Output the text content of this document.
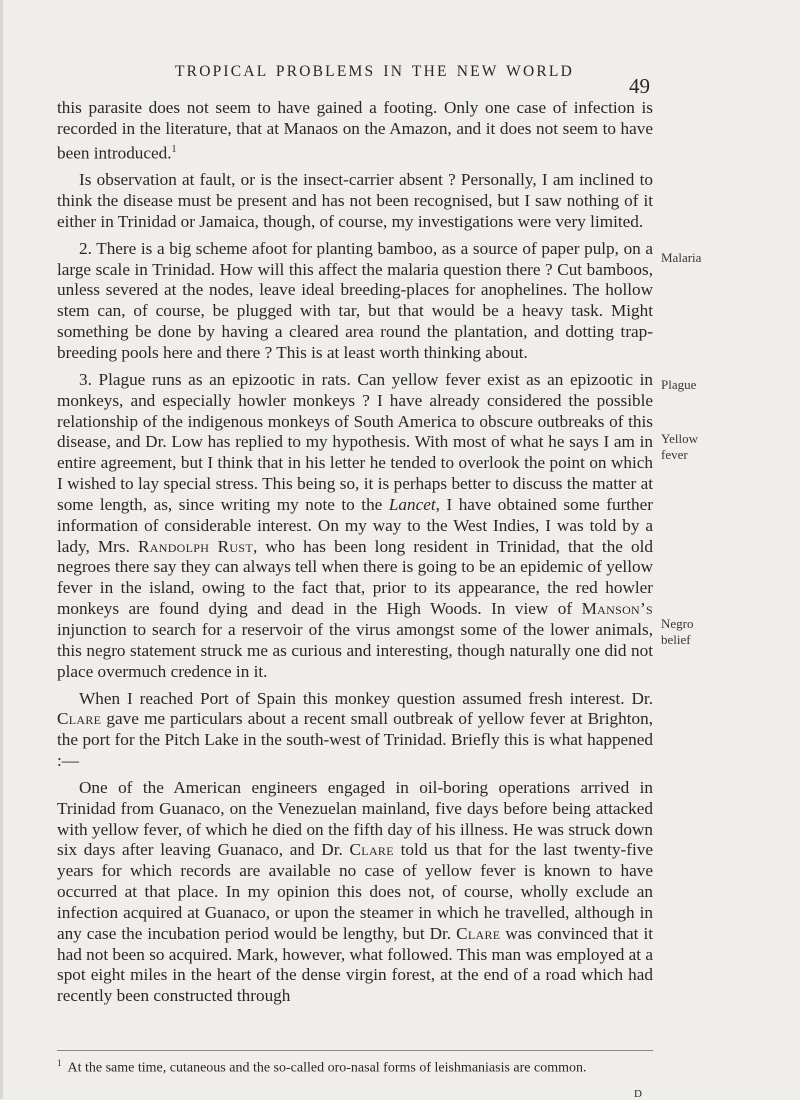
TROPICAL PROBLEMS IN THE NEW WORLD
49

this parasite does not seem to have gained a footing. Only one case of infection is recorded in the literature, that at Manaos on the Amazon, and it does not seem to have been introduced.$^1$

Is observation at fault, or is the insect-carrier absent ? Personally, I am inclined to think the disease must be present and has not been recognised, but I saw nothing of it either in Trinidad or Jamaica, though, of course, my investigations were very limited.

2. There is a big scheme afoot for planting bamboo, as a source of paper pulp, on a large scale in Trinidad. How will this affect the malaria question there ? Cut bamboos, unless severed at the nodes, leave ideal breeding-places for anophelines. The hollow stem can, of course, be plugged with tar, but that would be a heavy task. Might something be done by having a cleared area round the plantation, and dotting trap-breeding pools here and there ? This is at least worth thinking about.

3. Plague runs as an epizootic in rats. Can yellow fever exist as an epizootic in monkeys, and especially howler monkeys ? I have already considered the possible relationship of the indigenous monkeys of South America to obscure outbreaks of this disease, and Dr. Low has replied to my hypothesis. With most of what he says I am in entire agreement, but I think that in his letter he tended to overlook the point on which I wished to lay special stress. This being so, it is perhaps better to discuss the matter at some length, as, since writing my note to the Lancet, I have obtained some further information of considerable interest. On my way to the West Indies, I was told by a lady, Mrs. Randolph Rust, who has been long resident in Trinidad, that the old negroes there say they can always tell when there is going to be an epidemic of yellow fever in the island, owing to the fact that, prior to its appearance, the red howler monkeys are found dying and dead in the High Woods. In view of Manson’s injunction to search for a reservoir of the virus amongst some of the lower animals, this negro statement struck me as curious and interesting, though naturally one did not place overmuch credence in it.

When I reached Port of Spain this monkey question assumed fresh interest. Dr. Clare gave me particulars about a recent small outbreak of yellow fever at Brighton, the port for the Pitch Lake in the south-west of Trinidad. Briefly this is what happened :—

One of the American engineers engaged in oil-boring operations arrived in Trinidad from Guanaco, on the Venezuelan mainland, five days before being attacked with yellow fever, of which he died on the fifth day of his illness. He was struck down six days after leaving Guanaco, and Dr. Clare told us that for the last twenty-five years for which records are available no case of yellow fever is known to have occurred at that place. In my opinion this does not, of course, wholly exclude an infection acquired at Guanaco, or upon the steamer in which he travelled, although in any case the incubation period would be lengthy, but Dr. Clare was convinced that it had not been so acquired. Mark, however, what followed. This man was employed at a spot eight miles in the heart of the dense virgin forest, at the end of a road which had recently been constructed through

Malaria
Plague
Yellow fever
Negro belief
$^1$ At the same time, cutaneous and the so-called oro-nasal forms of leishmaniasis are common.
D
